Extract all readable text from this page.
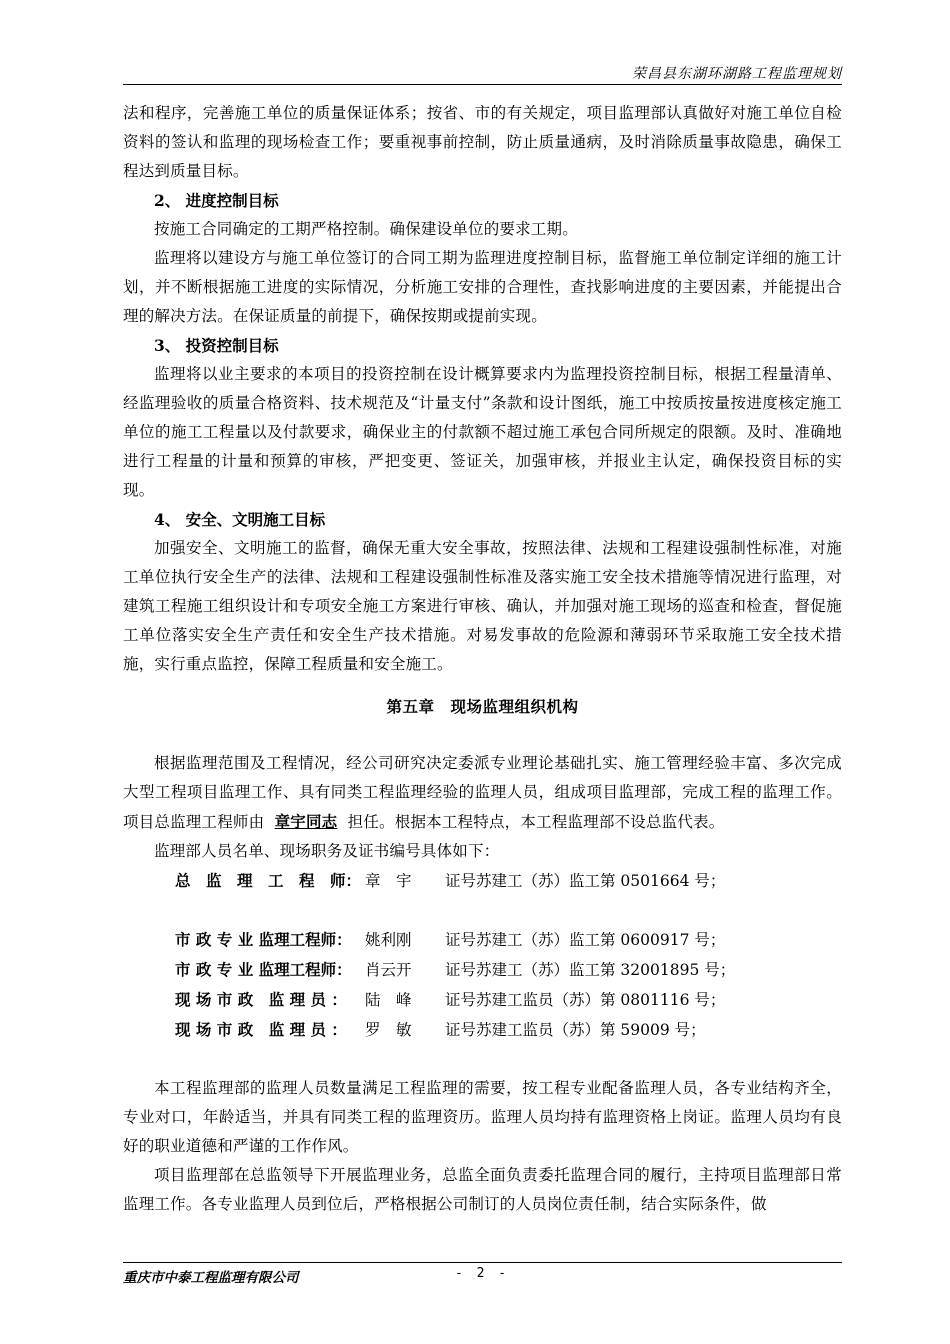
荣昌县东湖环湖路工程监理规划

法和程序，完善施工单位的质量保证体系；按省、市的有关规定，项目监理部认真做好对施工单位自检资料的签认和监理的现场检查工作；要重视事前控制，防止质量通病，及时消除质量事故隐患，确保工程达到质量目标。

2、 进度控制目标

按施工合同确定的工期严格控制。确保建设单位的要求工期。

监理将以建设方与施工单位签订的合同工期为监理进度控制目标，监督施工单位制定详细的施工计划，并不断根据施工进度的实际情况，分析施工安排的合理性，查找影响进度的主要因素，并能提出合理的解决方法。在保证质量的前提下，确保按期或提前实现。

3、 投资控制目标

监理将以业主要求的本项目的投资控制在设计概算要求内为监理投资控制目标，根据工程量清单、经监理验收的质量合格资料、技术规范及“计量支付”条款和设计图纸，施工中按质按量按进度核定施工单位的施工工程量以及付款要求，确保业主的付款额不超过施工承包合同所规定的限额。及时、准确地进行工程量的计量和预算的审核，严把变更、签证关，加强审核，并报业主认定，确保投资目标的实现。

4、 安全、文明施工目标

加强安全、文明施工的监督，确保无重大安全事故，按照法律、法规和工程建设强制性标准，对施工单位执行安全生产的法律、法规和工程建设强制性标准及落实施工安全技术措施等情况进行监理，对建筑工程施工组织设计和专项安全施工方案进行审核、确认，并加强对施工现场的巡查和检查，督促施工单位落实安全生产责任和安全生产技术措施。对易发事故的危险源和薄弱环节采取施工安全技术措施，实行重点监控，保障工程质量和安全施工。

第五章　现场监理组织机构

根据监理范围及工程情况，经公司研究决定委派专业理论基础扎实、施工管理经验丰富、多次完成大型工程项目监理工作、具有同类工程监理经验的监理人员，组成项目监理部，完成工程的监理工作。项目总监理工程师由 章宇同志 担任。根据本工程特点，本工程监理部不设总监代表。

监理部人员名单、现场职务及证书编号具体如下：

总　监　理　工　程　师： 章　宇	证号苏建工（苏）监工第 0501664 号；
市 政 专 业 监理工程师： 姚利刚	证号苏建工（苏）监工第 0600917 号；
市 政 专 业 监理工程师： 肖云开	证号苏建工（苏）监工第 32001895 号；
现 场 市 政　监 理 员 ：	陆　峰	证号苏建工监员（苏）第 0801116 号；
现 场 市 政　监 理 员 ：	罗　敏	证号苏建工监员（苏）第 59009 号；

本工程监理部的监理人员数量满足工程监理的需要，按工程专业配备监理人员，各专业结构齐全，专业对口，年龄适当，并具有同类工程的监理资历。监理人员均持有监理资格上岗证。监理人员均有良好的职业道德和严谨的工作作风。

项目监理部在总监领导下开展监理业务，总监全面负责委托监理合同的履行，主持项目监理部日常监理工作。各专业监理人员到位后，严格根据公司制订的人员岗位责任制，结合实际条件，做

重庆市中泰工程监理有限公司	- 2 -
